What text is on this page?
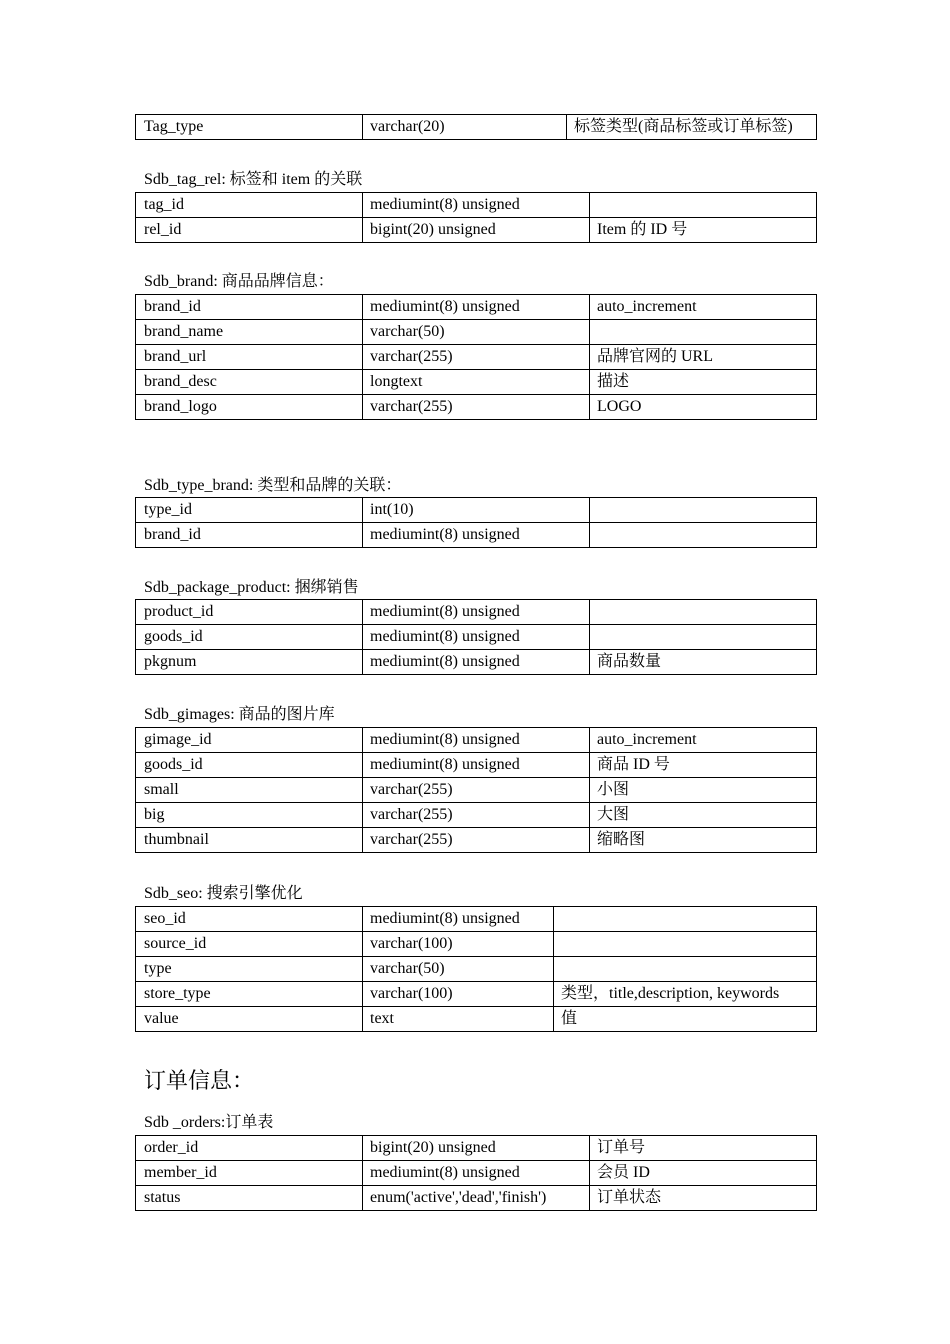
Tag_type	varchar(20)	标签类型(商品标签或订单标签)
Sdb_tag_rel: 标签和 item 的关联
tag_id	mediumint(8) unsigned	
rel_id	bigint(20) unsigned	Item 的 ID 号
Sdb_brand: 商品品牌信息：
brand_id	mediumint(8) unsigned	auto_increment
brand_name	varchar(50)	
brand_url	varchar(255)	品牌官网的 URL
brand_desc	longtext	描述
brand_logo	varchar(255)	LOGO
Sdb_type_brand: 类型和品牌的关联：
type_id	int(10)	
brand_id	mediumint(8) unsigned	
Sdb_package_product: 捆绑销售
product_id	mediumint(8) unsigned	
goods_id	mediumint(8) unsigned	
pkgnum	mediumint(8) unsigned	商品数量
Sdb_gimages: 商品的图片库
gimage_id	mediumint(8) unsigned	auto_increment
goods_id	mediumint(8) unsigned	商品 ID 号
small	varchar(255)	小图
big	varchar(255)	大图
thumbnail	varchar(255)	缩略图
Sdb_seo: 搜索引擎优化
seo_id	mediumint(8) unsigned	
source_id	varchar(100)	
type	varchar(50)	
store_type	varchar(100)	类型，title,description, keywords
value	text	值
订单信息：
Sdb _orders:订单表
order_id	bigint(20) unsigned	订单号
member_id	mediumint(8) unsigned	会员 ID
status	enum('active','dead','finish')	订单状态
